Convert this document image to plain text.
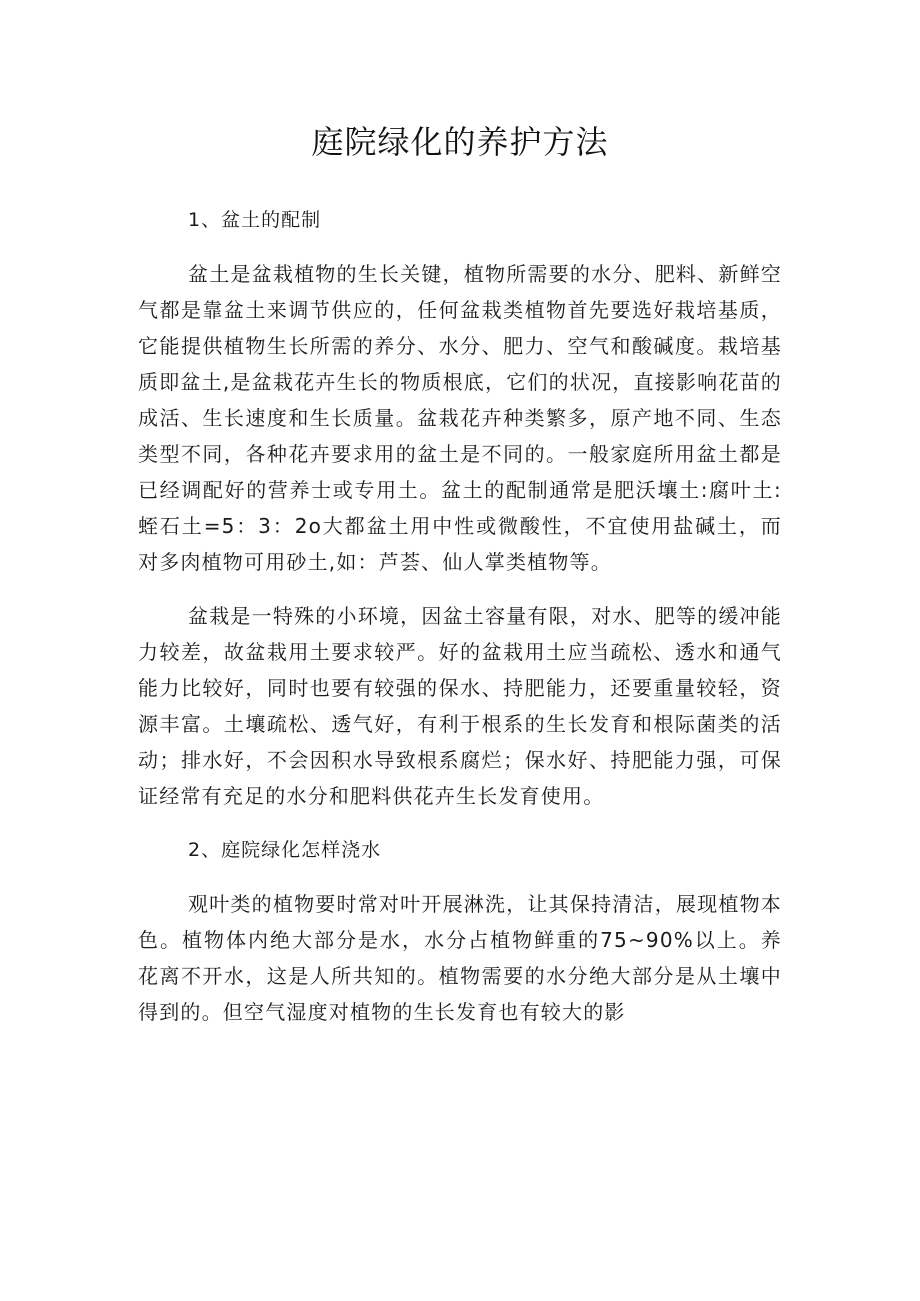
庭院绿化的养护方法
1、盆土的配制

盆土是盆栽植物的生长关键，植物所需要的水分、肥料、新鲜空气都是靠盆土来调节供应的，任何盆栽类植物首先要选好栽培基质，它能提供植物生长所需的养分、水分、肥力、空气和酸碱度。栽培基质即盆土,是盆栽花卉生长的物质根底，它们的状况，直接影响花苗的成活、生长速度和生长质量。盆栽花卉种类繁多，原产地不同、生态类型不同，各种花卉要求用的盆土是不同的。一般家庭所用盆土都是已经调配好的营养士或专用土。盆土的配制通常是肥沃壤土:腐叶土:蛭石土=5：3：2o大都盆土用中性或微酸性，不宜使用盐碱土，而对多肉植物可用砂土,如：芦荟、仙人掌类植物等。

盆栽是一特殊的小环境，因盆土容量有限，对水、肥等的缓冲能力较差，故盆栽用土要求较严。好的盆栽用土应当疏松、透水和通气能力比较好，同时也要有较强的保水、持肥能力，还要重量较轻，资源丰富。土壤疏松、透气好，有利于根系的生长发育和根际菌类的活动；排水好，不会因积水导致根系腐烂；保水好、持肥能力强，可保证经常有充足的水分和肥料供花卉生长发育使用。

2、庭院绿化怎样浇水

观叶类的植物要时常对叶开展淋洗，让其保持清洁，展现植物本色。植物体内绝大部分是水，水分占植物鲜重的75~90%以上。养花离不开水，这是人所共知的。植物需要的水分绝大部分是从土壤中得到的。但空气湿度对植物的生长发育也有较大的影
